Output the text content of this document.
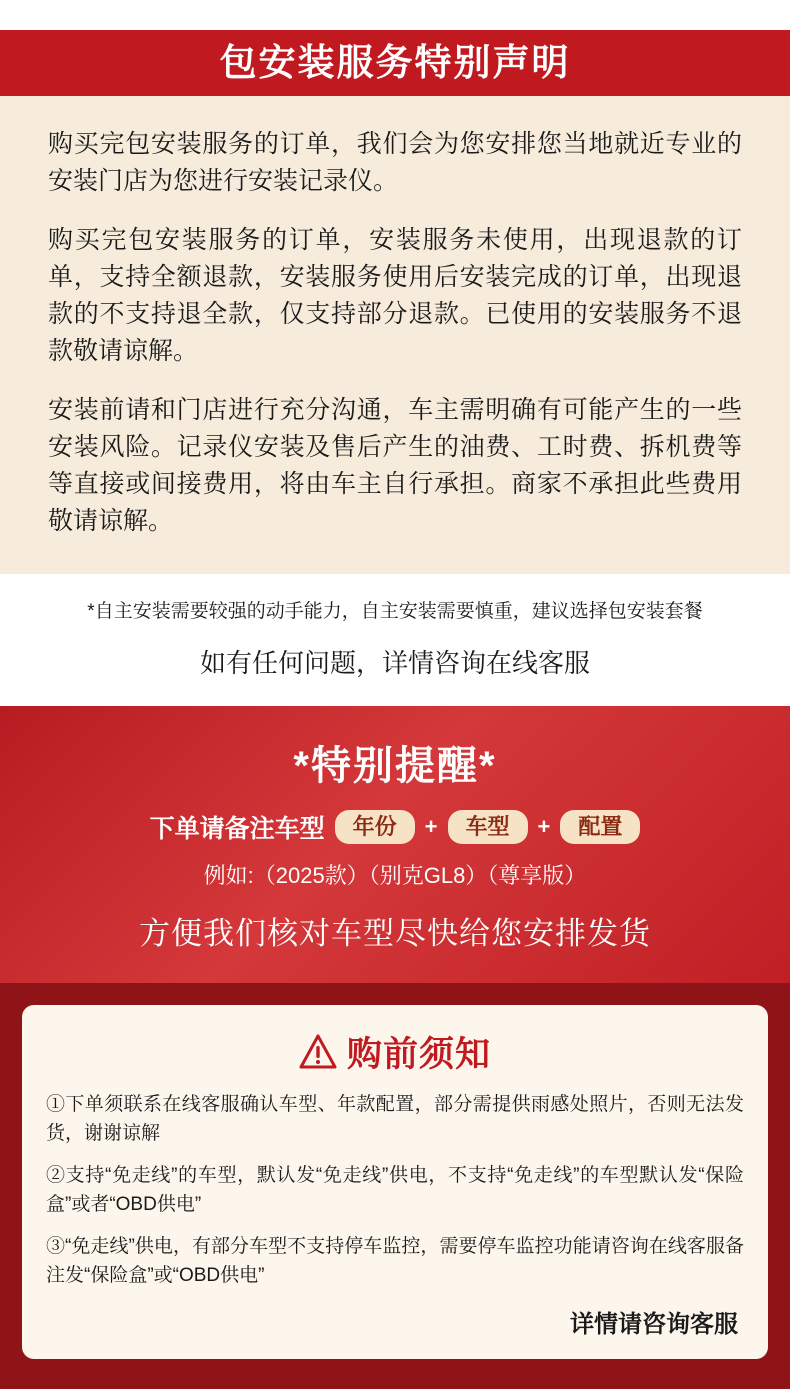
包安装服务特别声明

购买完包安装服务的订单，我们会为您安排您当地就近专业的安装门店为您进行安装记录仪。

购买完包安装服务的订单，安装服务未使用，出现退款的订单，支持全额退款，安装服务使用后安装完成的订单，出现退款的不支持退全款，仅支持部分退款。已使用的安装服务不退款敬请谅解。

安装前请和门店进行充分沟通，车主需明确有可能产生的一些安装风险。记录仪安装及售后产生的油费、工时费、拆机费等等直接或间接费用，将由车主自行承担。商家不承担此些费用敬请谅解。

*自主安装需要较强的动手能力，自主安装需要慎重，建议选择包安装套餐
如有任何问题，详情咨询在线客服
*特别提醒*
下单请备注车型	年份	+	车型	+	配置
例如:（2025款）（别克GL8）（尊享版）
方便我们核对车型尽快给您安排发货
购前须知

①下单须联系在线客服确认车型、年款配置，部分需提供雨感处照片，否则无法发货，谢谢谅解

②支持“免走线”的车型，默认发“免走线”供电，不支持“免走线”的车型默认发“保险盒”或者“OBD供电”

③“免走线”供电，有部分车型不支持停车监控，需要停车监控功能请咨询在线客服备注发“保险盒”或“OBD供电”

详情请咨询客服
